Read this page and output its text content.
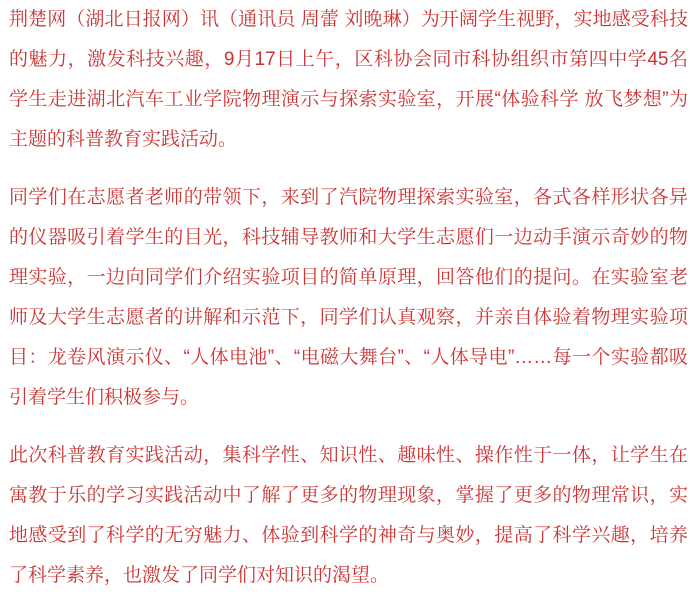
荆楚网（湖北日报网）讯（通讯员 周蕾 刘晚琳）为开阔学生视野，实地感受科技的魅力，激发科技兴趣，9月17日上午，区科协会同市科协组织市第四中学45名学生走进湖北汽车工业学院物理演示与探索实验室，开展“体验科学 放飞梦想”为主题的科普教育实践活动。

同学们在志愿者老师的带领下，来到了汽院物理探索实验室，各式各样形状各异的仪器吸引着学生的目光，科技辅导教师和大学生志愿们一边动手演示奇妙的物理实验，一边向同学们介绍实验项目的简单原理，回答他们的提问。在实验室老师及大学生志愿者的讲解和示范下，同学们认真观察，并亲自体验着物理实验项目：龙卷风演示仪、“人体电池”、“电磁大舞台”、“人体导电”……每一个实验都吸引着学生们积极参与。

此次科普教育实践活动，集科学性、知识性、趣味性、操作性于一体，让学生在寓教于乐的学习实践活动中了解了更多的物理现象，掌握了更多的物理常识，实地感受到了科学的无穷魅力、体验到科学的神奇与奥妙，提高了科学兴趣，培养了科学素养，也激发了同学们对知识的渴望。
